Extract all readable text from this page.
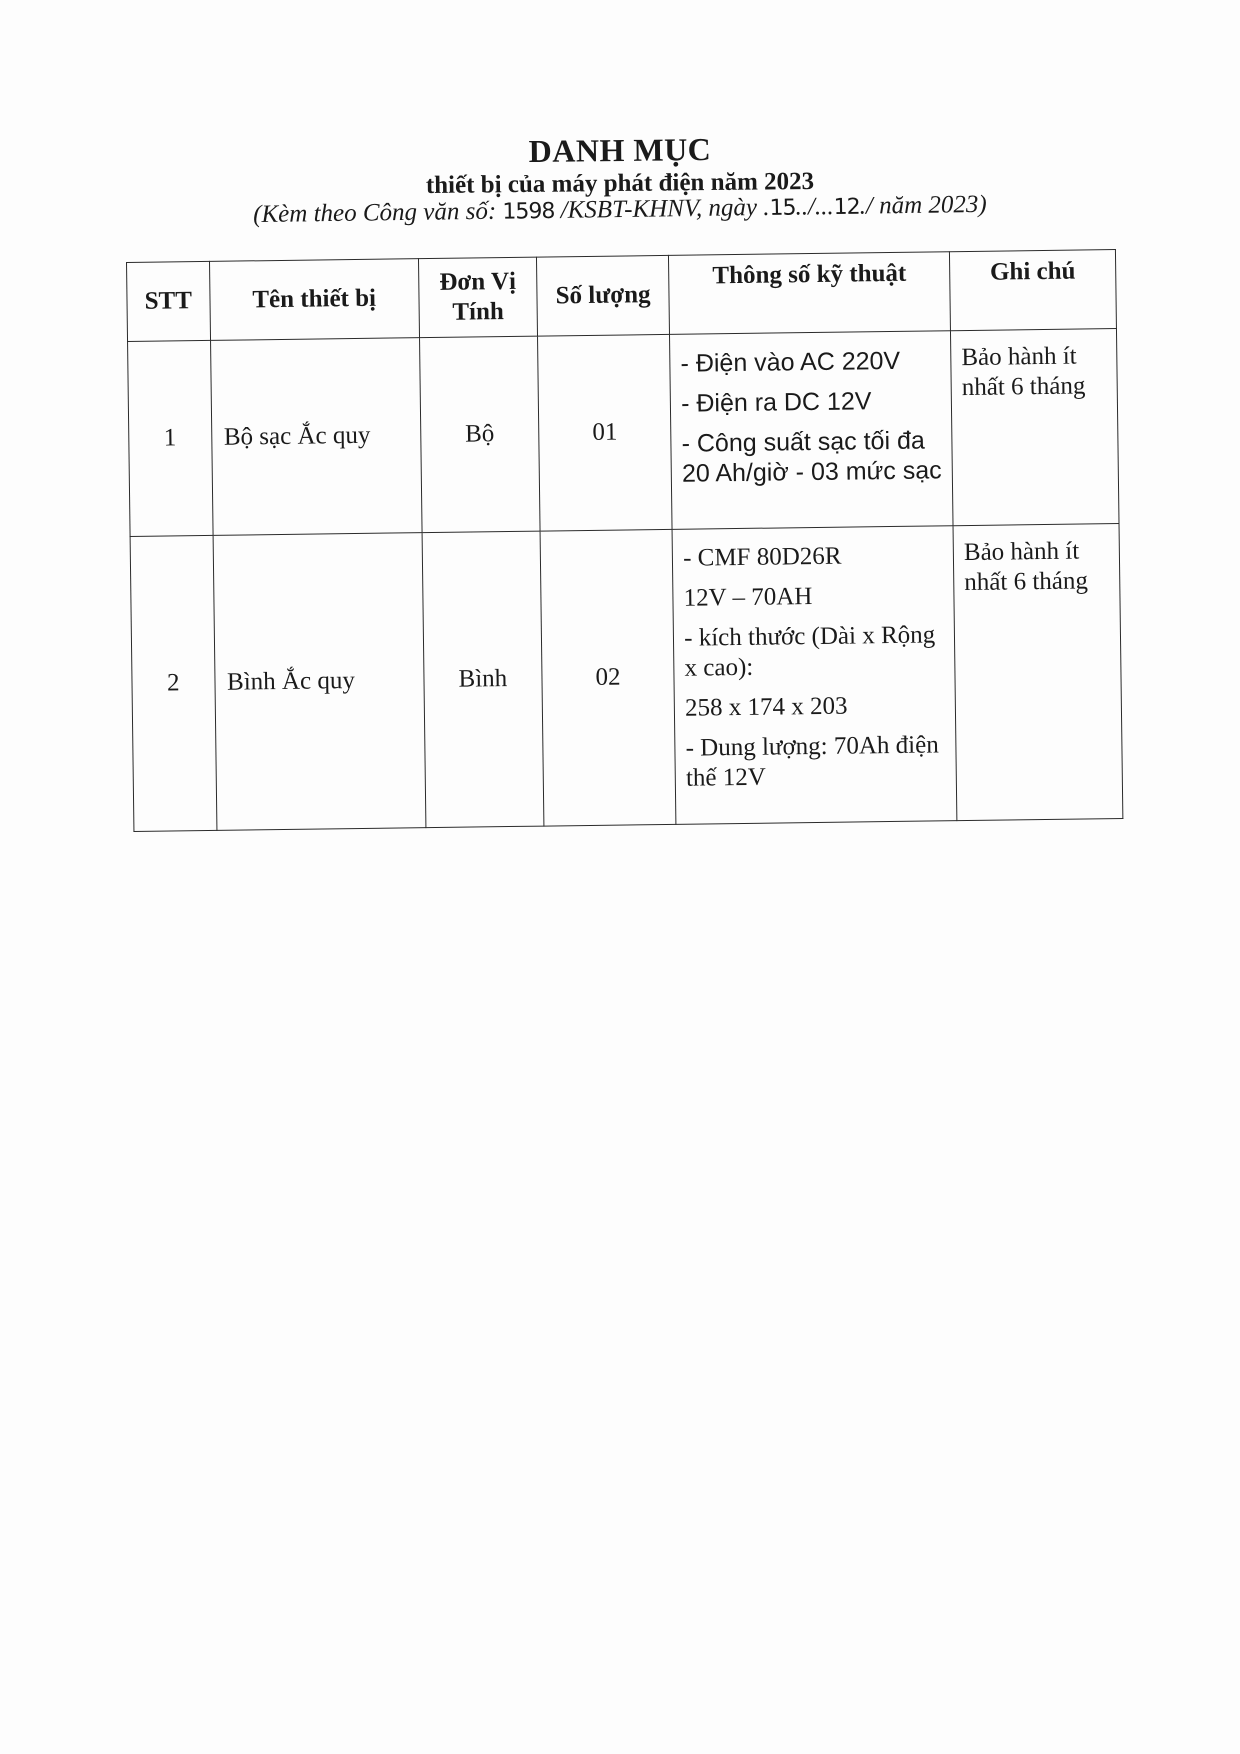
DANH MỤC
thiết bị của máy phát điện năm 2023
(Kèm theo Công văn số: 1598 /KSBT-KHNV, ngày .15../...12./ năm 2023)
STT	Tên thiết bị	Đơn Vị Tính	Số lượng	Thông số kỹ thuật	Ghi chú
1	Bộ sạc Ắc quy	Bộ	01	- Điện vào AC 220V
- Điện ra DC 12V
- Công suất sạc tối đa 20 Ah/giờ - 03 mức sạc	Bảo hành ít nhất 6 tháng
2	Bình Ắc quy	Bình	02	- CMF 80D26R
12V – 70AH
- kích thước (Dài x Rộng x cao):
258 x 174 x 203
- Dung lượng: 70Ah điện thế 12V	Bảo hành ít nhất 6 tháng
